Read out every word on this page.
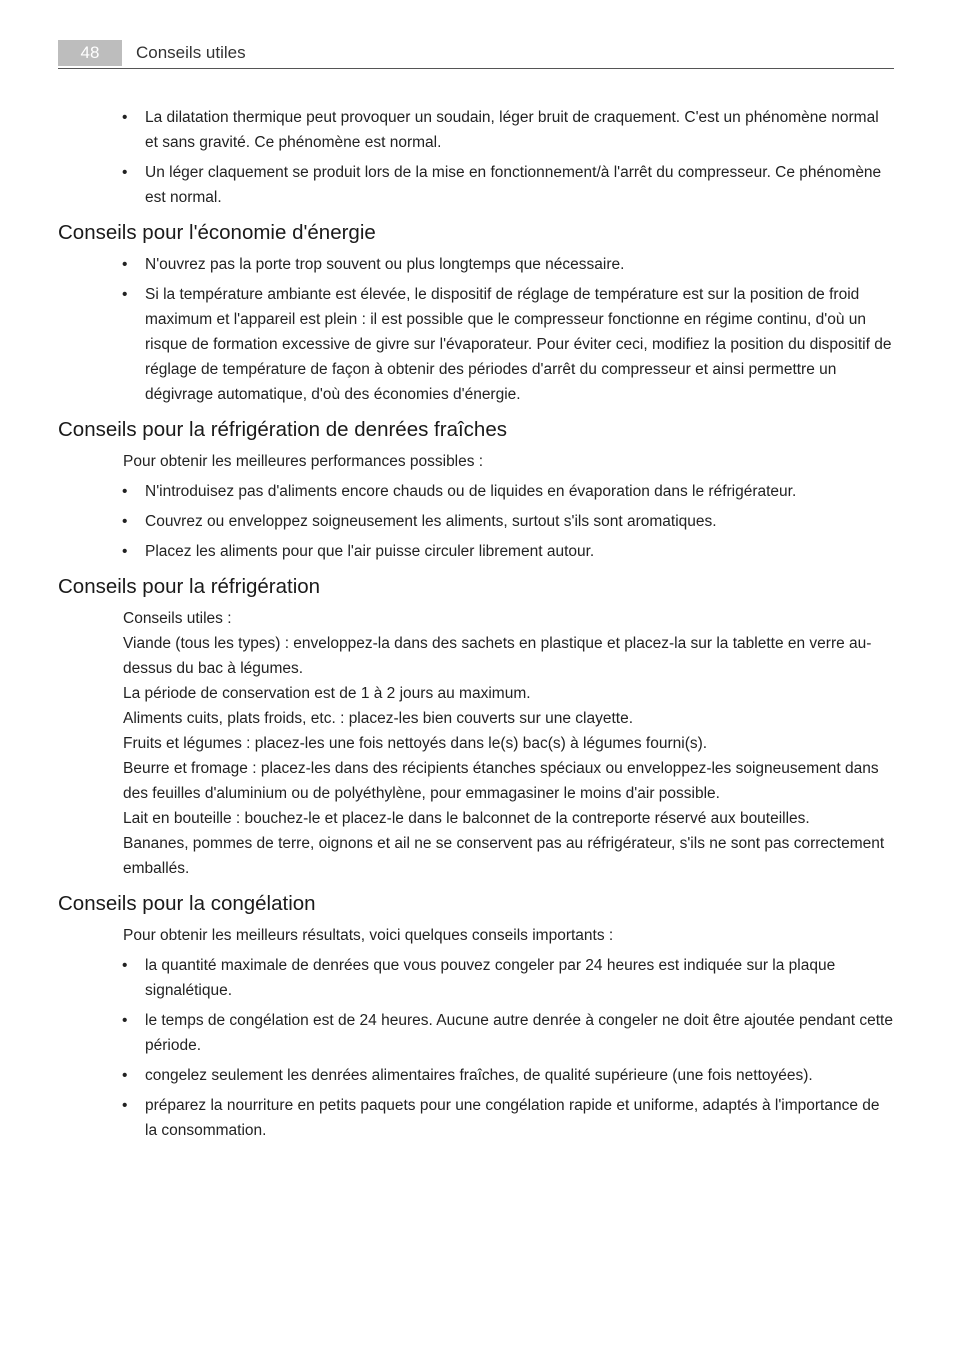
48	Conseils utiles
• La dilatation thermique peut provoquer un soudain, léger bruit de craquement. C'est un phénomène normal et sans gravité. Ce phénomène est normal.
• Un léger claquement se produit lors de la mise en fonctionnement/à l'arrêt du compresseur. Ce phénomène est normal.
Conseils pour l'économie d'énergie
• N'ouvrez pas la porte trop souvent ou plus longtemps que nécessaire.
• Si la température ambiante est élevée, le dispositif de réglage de température est sur la position de froid maximum et l'appareil est plein : il est possible que le compresseur fonctionne en régime continu, d'où un risque de formation excessive de givre sur l'évaporateur. Pour éviter ceci, modifiez la position du dispositif de réglage de température de façon à obtenir des périodes d'arrêt du compresseur et ainsi permettre un dégivrage automatique, d'où des économies d'énergie.
Conseils pour la réfrigération de denrées fraîches
Pour obtenir les meilleures performances possibles :
• N'introduisez pas d'aliments encore chauds ou de liquides en évaporation dans le réfrigérateur.
• Couvrez ou enveloppez soigneusement les aliments, surtout s'ils sont aromatiques.
• Placez les aliments pour que l'air puisse circuler librement autour.
Conseils pour la réfrigération

Conseils utiles :

Viande (tous les types) : enveloppez-la dans des sachets en plastique et placez-la sur la tablette en verre au-dessus du bac à légumes.

La période de conservation est de 1 à 2 jours au maximum.

Aliments cuits, plats froids, etc. : placez-les bien couverts sur une clayette.

Fruits et légumes : placez-les une fois nettoyés dans le(s) bac(s) à légumes fourni(s).

Beurre et fromage : placez-les dans des récipients étanches spéciaux ou enveloppez-les soigneusement dans des feuilles d'aluminium ou de polyéthylène, pour emmagasiner le moins d'air possible.

Lait en bouteille : bouchez-le et placez-le dans le balconnet de la contreporte réservé aux bouteilles.

Bananes, pommes de terre, oignons et ail ne se conservent pas au réfrigérateur, s'ils ne sont pas correctement emballés.

Conseils pour la congélation
Pour obtenir les meilleurs résultats, voici quelques conseils importants :
• la quantité maximale de denrées que vous pouvez congeler par 24 heures est indiquée sur la plaque signalétique.
• le temps de congélation est de 24 heures. Aucune autre denrée à congeler ne doit être ajoutée pendant cette période.
• congelez seulement les denrées alimentaires fraîches, de qualité supérieure (une fois nettoyées).
• préparez la nourriture en petits paquets pour une congélation rapide et uniforme, adaptés à l'importance de la consommation.
